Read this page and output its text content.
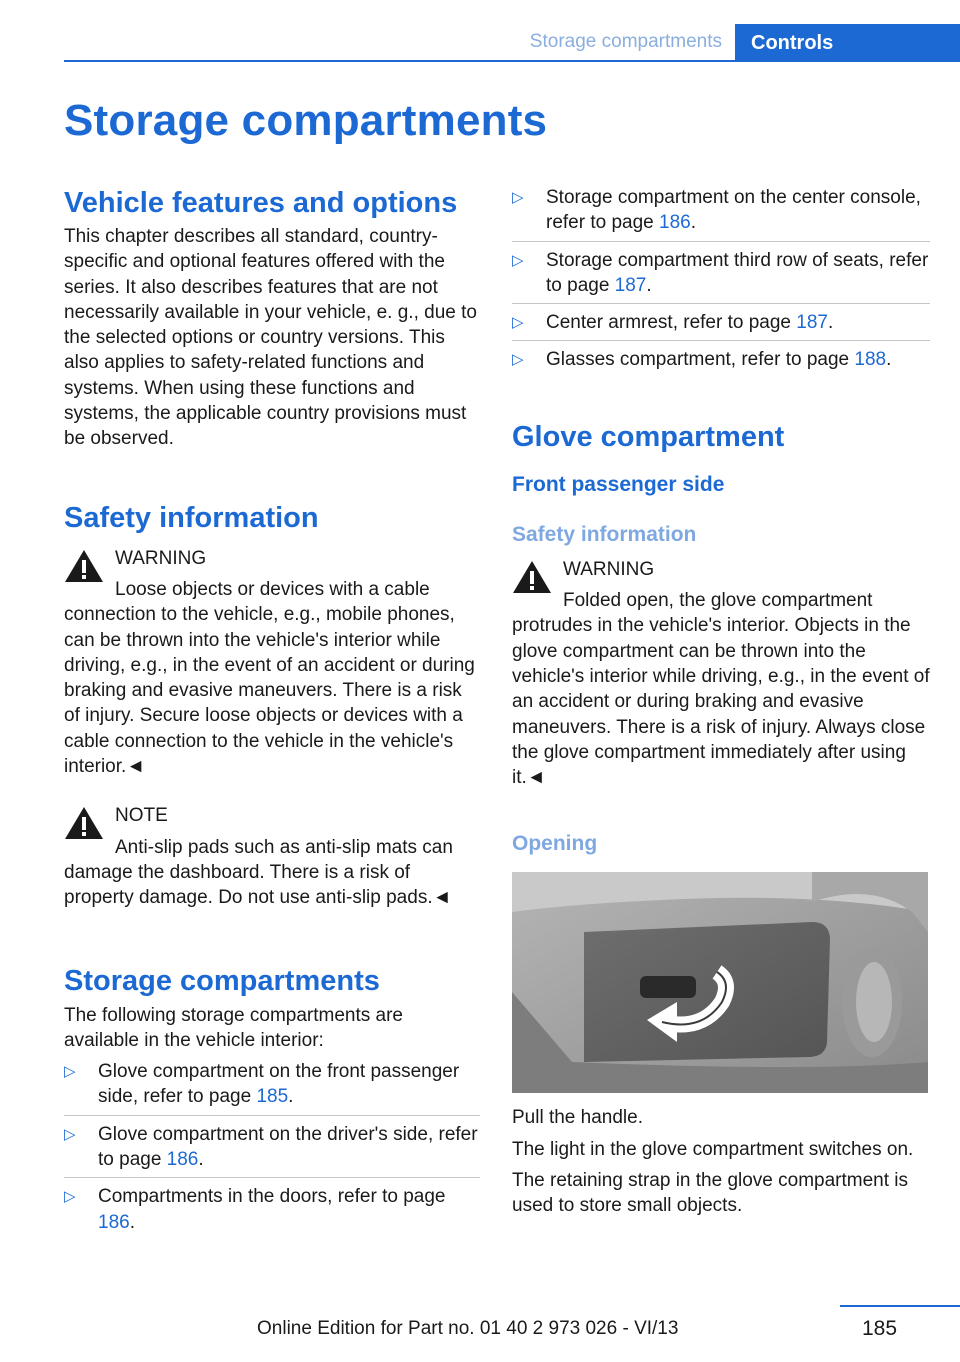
Storage compartments	Controls
Storage compartments
Vehicle features and options

This chapter describes all standard, country-specific and optional features offered with the series. It also describes features that are not necessarily available in your vehicle, e. g., due to the selected options or country versions. This also applies to safety-related functions and systems. When using these functions and systems, the applicable country provisions must be observed.

Safety information
WARNING

Loose objects or devices with a cable connection to the vehicle, e.g., mobile phones, can be thrown into the vehicle's interior while driving, e.g., in the event of an accident or during braking and evasive maneuvers. There is a risk of injury. Secure loose objects or devices with a cable connection to the vehicle in the vehicle's interior.◄

NOTE

Anti-slip pads such as anti-slip mats can damage the dashboard. There is a risk of property damage. Do not use anti-slip pads.◄

Storage compartments

The following storage compartments are available in the vehicle interior:

▷ Glove compartment on the front passenger side, refer to page 185.
▷ Glove compartment on the driver's side, refer to page 186.
▷ Compartments in the doors, refer to page 186.
▷ Storage compartment on the center console, refer to page 186.
▷ Storage compartment third row of seats, refer to page 187.
▷ Center armrest, refer to page 187.
▷ Glasses compartment, refer to page 188.
Glove compartment
Front passenger side
Safety information
WARNING

Folded open, the glove compartment protrudes in the vehicle's interior. Objects in the glove compartment can be thrown into the vehicle's interior while driving, e.g., in the event of an accident or during braking and evasive maneuvers. There is a risk of injury. Always close the glove compartment immediately after using it.◄

Opening

Pull the handle.

The light in the glove compartment switches on.

The retaining strap in the glove compartment is used to store small objects.

185
Online Edition for Part no. 01 40 2 973 026 - VI/13
